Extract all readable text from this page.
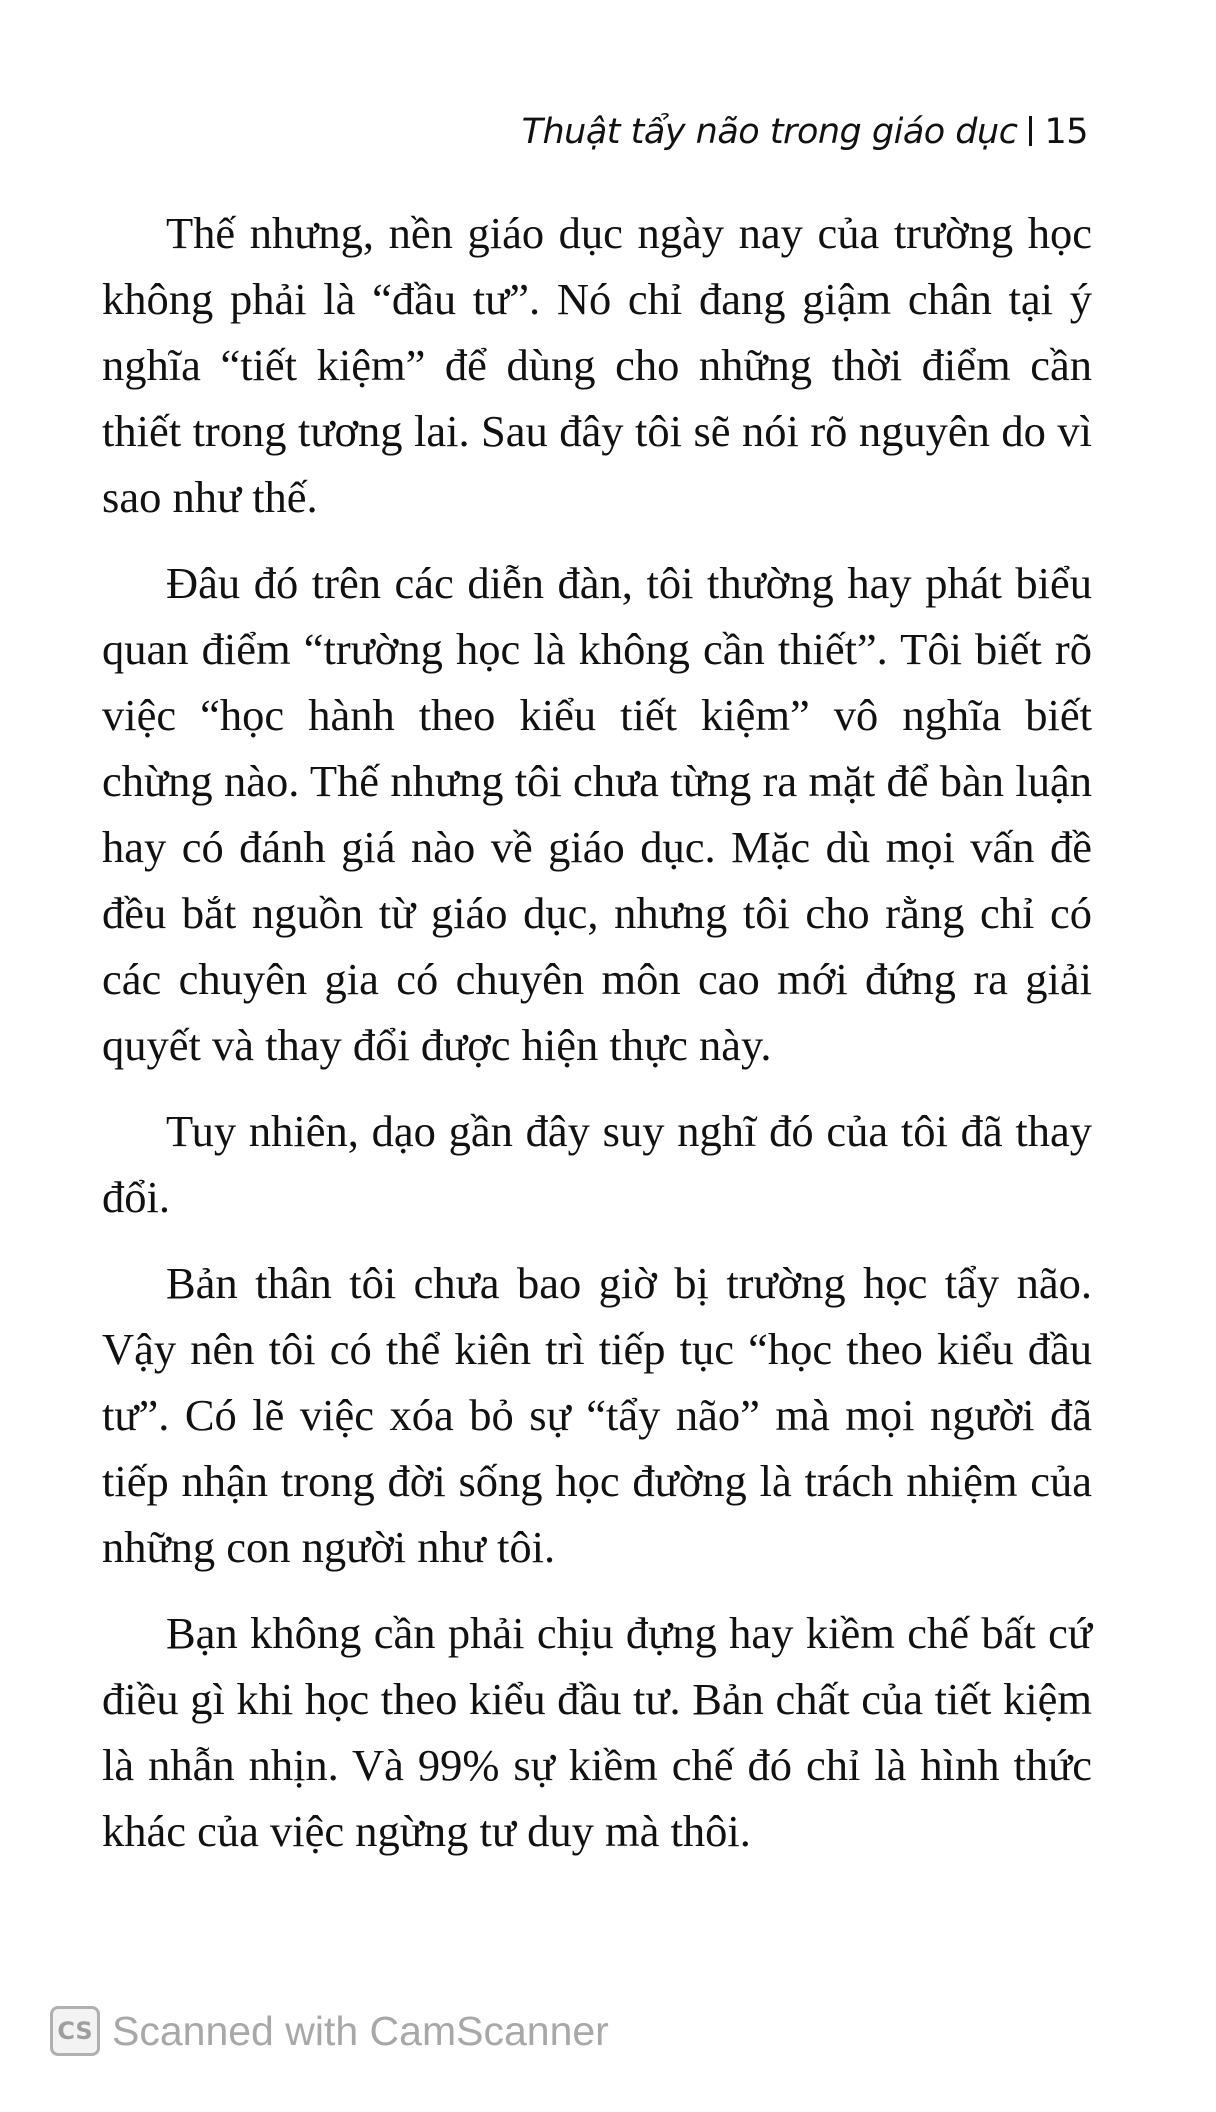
Thuật tẩy não trong giáo dục 15

Thế nhưng, nền giáo dục ngày nay của trường học không phải là “đầu tư”. Nó chỉ đang giậm chân tại ý nghĩa “tiết kiệm” để dùng cho những thời điểm cần thiết trong tương lai. Sau đây tôi sẽ nói rõ nguyên do vì sao như thế.

Đâu đó trên các diễn đàn, tôi thường hay phát biểu quan điểm “trường học là không cần thiết”. Tôi biết rõ việc “học hành theo kiểu tiết kiệm” vô nghĩa biết chừng nào. Thế nhưng tôi chưa từng ra mặt để bàn luận hay có đánh giá nào về giáo dục. Mặc dù mọi vấn đề đều bắt nguồn từ giáo dục, nhưng tôi cho rằng chỉ có các chuyên gia có chuyên môn cao mới đứng ra giải quyết và thay đổi được hiện thực này.

Tuy nhiên, dạo gần đây suy nghĩ đó của tôi đã thay đổi.

Bản thân tôi chưa bao giờ bị trường học tẩy não. Vậy nên tôi có thể kiên trì tiếp tục “học theo kiểu đầu tư”. Có lẽ việc xóa bỏ sự “tẩy não” mà mọi người đã tiếp nhận trong đời sống học đường là trách nhiệm của những con người như tôi.

Bạn không cần phải chịu đựng hay kiềm chế bất cứ điều gì khi học theo kiểu đầu tư. Bản chất của tiết kiệm là nhẫn nhịn. Và 99% sự kiềm chế đó chỉ là hình thức khác của việc ngừng tư duy mà thôi.

CS Scanned with CamScanner
